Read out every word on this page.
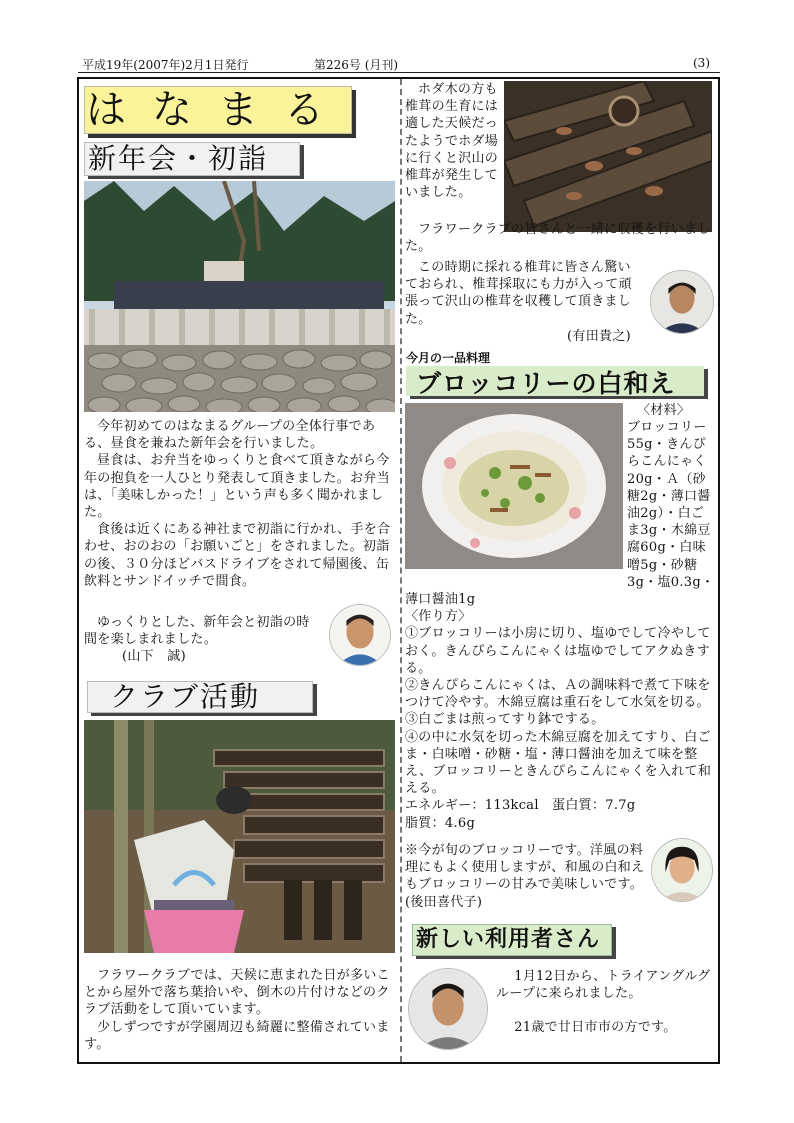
平成19年(2007年)2月1日発行	第226号 (月刊)	(3)
はなまる
新年会・初詣

今年初めてのはなまるグループの全体行事である、昼食を兼ねた新年会を行いました。

昼食は、お弁当をゆっくりと食べて頂きながら今年の抱負を一人ひとり発表して頂きました。お弁当は、「美味しかった！」という声も多く聞かれました。

食後は近くにある神社まで初詣に行かれ、手を合わせ、おのおの「お願いごと」をされました。初詣の後、３０分ほどバスドライブをされて帰園後、缶飲料とサンドイッチで間食。

ゆっくりとした、新年会と初詣の時間を楽しまれました。

(山下　誠)

クラブ活動

フラワークラブでは、天候に恵まれた日が多いことから屋外で落ち葉拾いや、倒木の片付けなどのクラブ活動をして頂いています。

少しずつですが学園周辺も綺麗に整備されています。

ホダ木の方も椎茸の生育には適した天候だったようでホダ場に行くと沢山の椎茸が発生していました。

フラワークラブの皆さんと一緒に収穫を行いました。

この時期に採れる椎茸に皆さん驚いておられ、椎茸採取にも力が入って頑張って沢山の椎茸を収穫して頂きました。

(有田貴之)

今月の一品料理
ブロッコリーの白和え

〈材料〉

ブロッコリー55g・きんぴらこんにゃく20g・Ａ（砂糖2g・薄口醤油2g）・白ごま3g・木綿豆腐60g・白味噌5g・砂糖3g・塩0.3g・薄口醤油1g

〈作り方〉

①ブロッコリーは小房に切り、塩ゆでして冷やしておく。きんぴらこんにゃくは塩ゆでしてアクぬきする。

②きんぴらこんにゃくは、Ａの調味料で煮て下味をつけて冷やす。木綿豆腐は重石をして水気を切る。

③白ごまは煎ってすり鉢でする。

④の中に水気を切った木綿豆腐を加えてすり、白ごま・白味噌・砂糖・塩・薄口醤油を加えて味を整え、ブロッコリーときんぴらこんにゃくを入れて和える。

エネルギー：113kcal　蛋白質：7.7g

脂質：4.6g

※今が旬のブロッコリーです。洋風の料理にもよく使用しますが、和風の白和えもブロッコリーの甘みで美味しいです。(後田喜代子)

新しい利用者さん

1月12日から、トライアングルグループに来られました。

21歳で廿日市市の方です。
